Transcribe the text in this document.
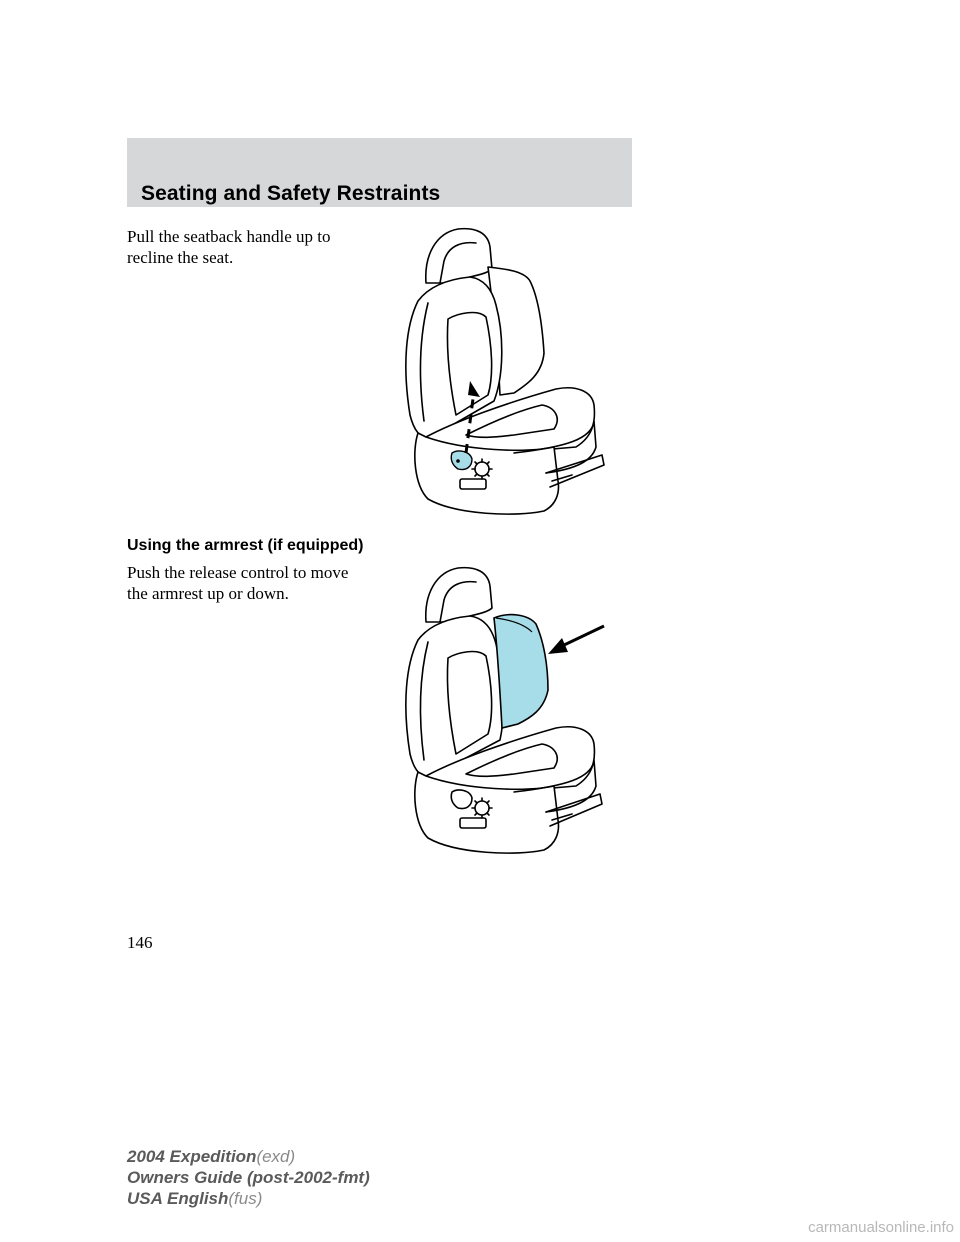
Seating and Safety Restraints
Pull the seatback handle up to
recline the seat.
Using the armrest (if equipped)
Push the release control to move
the armrest up or down.
146
2004 Expedition(exd)
Owners Guide (post-2002-fmt)
USA English(fus)
carmanualsonline.info
